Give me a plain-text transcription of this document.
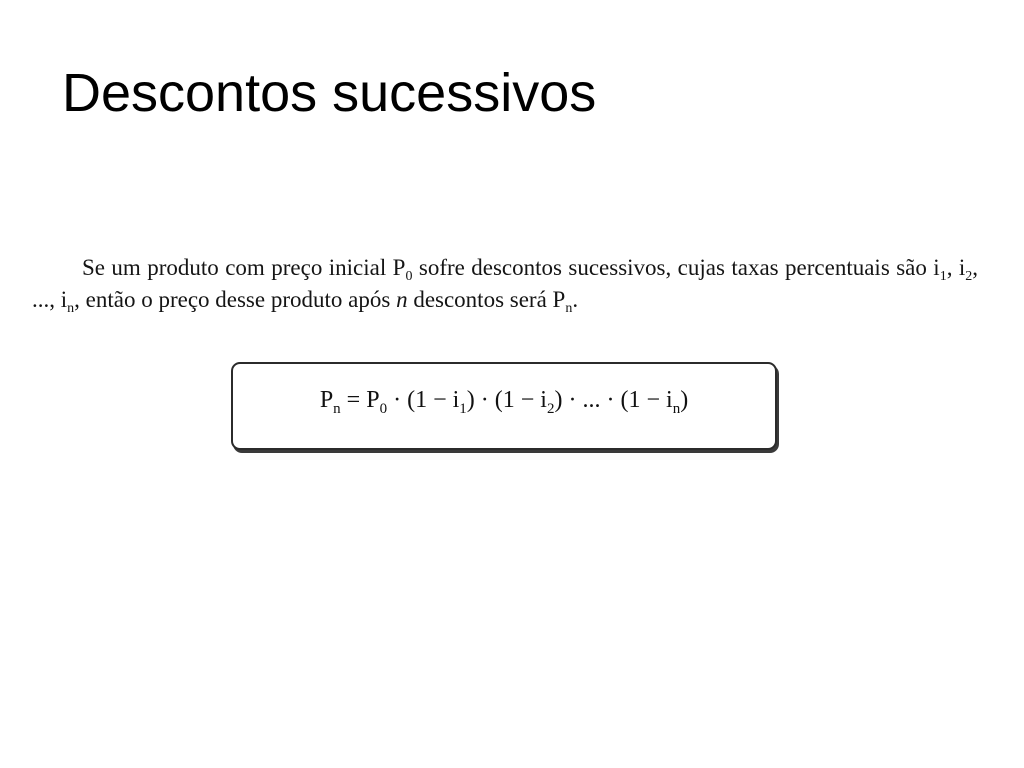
Descontos sucessivos

Se um produto com preço inicial $P_0$ sofre descontos sucessivos, cujas taxas percentuais são $i_1$, $i_2$, ..., $i_n$, então o preço desse produto após n descontos será $P_n$.

$P_n = P_0 \cdot (1 - i_1) \cdot (1 - i_2)$ · ... · $(1 - i_n)$
